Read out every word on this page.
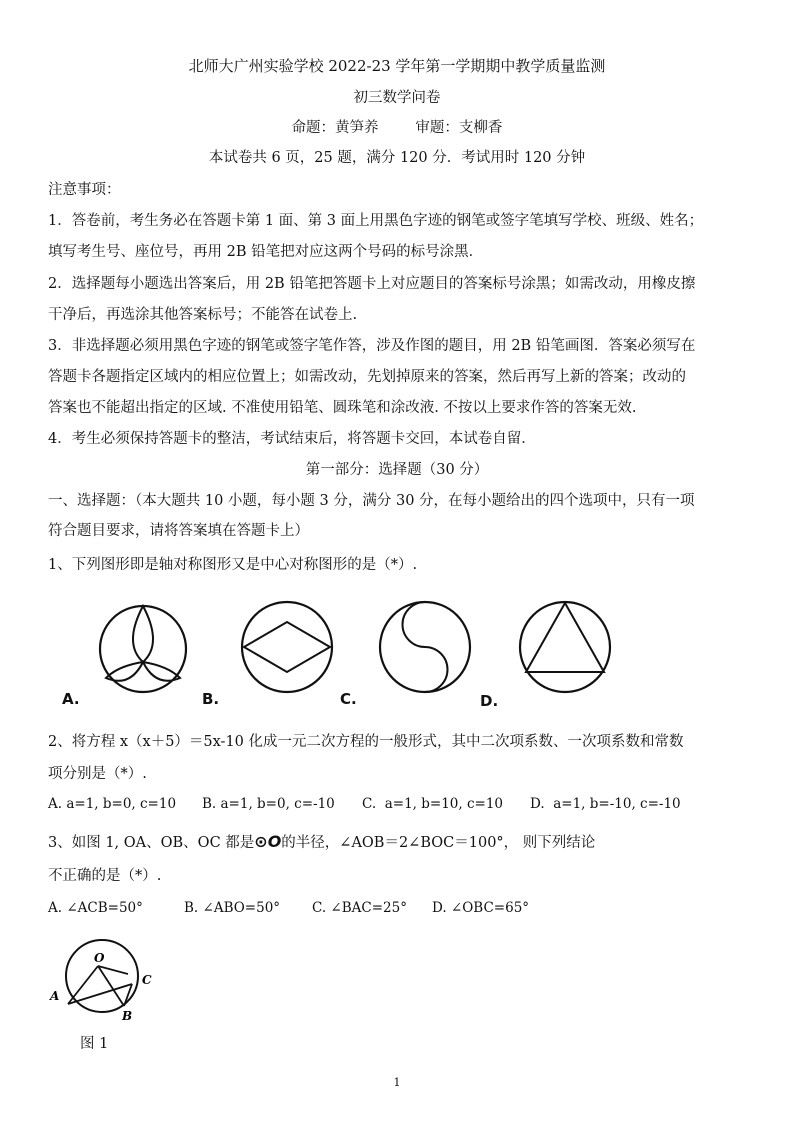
北师大广州实验学校 2022-23 学年第一学期期中教学质量监测
初三数学问卷
命题：黄笋养        审题：支柳香
本试卷共 6 页，25 题，满分 120 分．考试用时 120 分钟
注意事项：
1．答卷前，考生务必在答题卡第 1 面、第 3 面上用黑色字迹的钢笔或签字笔填写学校、班级、姓名；
填写考生号、座位号，再用 2B 铅笔把对应这两个号码的标号涂黑．
2．选择题每小题选出答案后，用 2B 铅笔把答题卡上对应题目的答案标号涂黑；如需改动，用橡皮擦
干净后，再选涂其他答案标号；不能答在试卷上.
3．非选择题必须用黑色字迹的钢笔或签字笔作答，涉及作图的题目，用 2B 铅笔画图．答案必须写在
答题卡各题指定区域内的相应位置上；如需改动，先划掉原来的答案，然后再写上新的答案；改动的
答案也不能超出指定的区域. 不准使用铅笔、圆珠笔和涂改液. 不按以上要求作答的答案无效.
4．考生必须保持答题卡的整洁，考试结束后，将答题卡交回，本试卷自留．
第一部分：选择题（30 分）
一、选择题：（本大题共 10 小题，每小题 3 分，满分 30 分，在每小题给出的四个选项中，只有一项
符合题目要求，请将答案填在答题卡上）
1、下列图形即是轴对称图形又是中心对称图形的是（*）.
A.	B.	C.	D.
2、将方程 x（x＋5）＝5x-10 化成一元二次方程的一般形式，其中二次项系数、一次项系数和常数
项分别是（*）.
A. a=1, b=0, c=10 B. a=1, b=0, c=-10 C.  a=1, b=10, c=10 D.  a=1, b=-10, c=-10
3、如图 1, OA、OB、OC 都是⊙O的半径，∠AOB＝2∠BOC＝100°， 则下列结论
不正确的是（*）.
A. ∠ACB=50°	B. ∠ABO=50° C. ∠BAC=25° D. ∠OBC=65°
O
A
B
C
图 1
1
